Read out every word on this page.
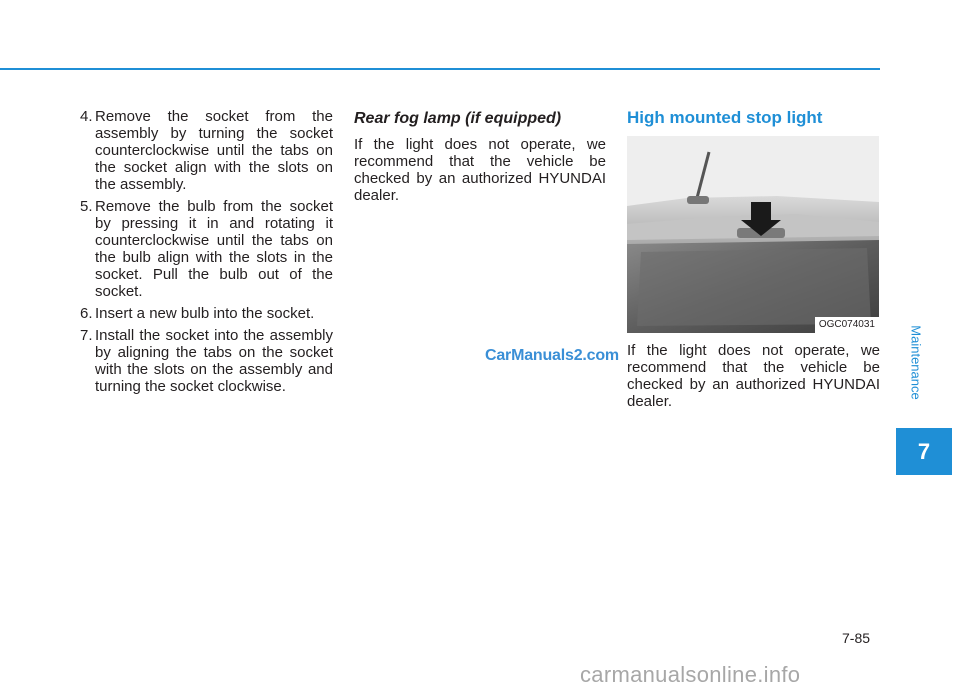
4. Remove the socket from the assembly by turning the socket counterclockwise until the tabs on the socket align with the slots on the assembly.
5. Remove the bulb from the socket by pressing it in and rotating it counterclockwise until the tabs on the bulb align with the slots in the socket. Pull the bulb out of the socket.
6. Insert a new bulb into the socket.
7. Install the socket into the assembly by aligning the tabs on the socket with the slots on the assembly and turning the socket clockwise.

Rear fog lamp (if equipped)

If the light does not operate, we recommend that the vehicle be checked by an authorized HYUNDAI dealer.

High mounted stop light

OGC074031

If the light does not operate, we recommend that the vehicle be checked by an authorized HYUNDAI dealer.

CarManuals2.com	Maintenance
7
7-85
carmanualsonline.info
